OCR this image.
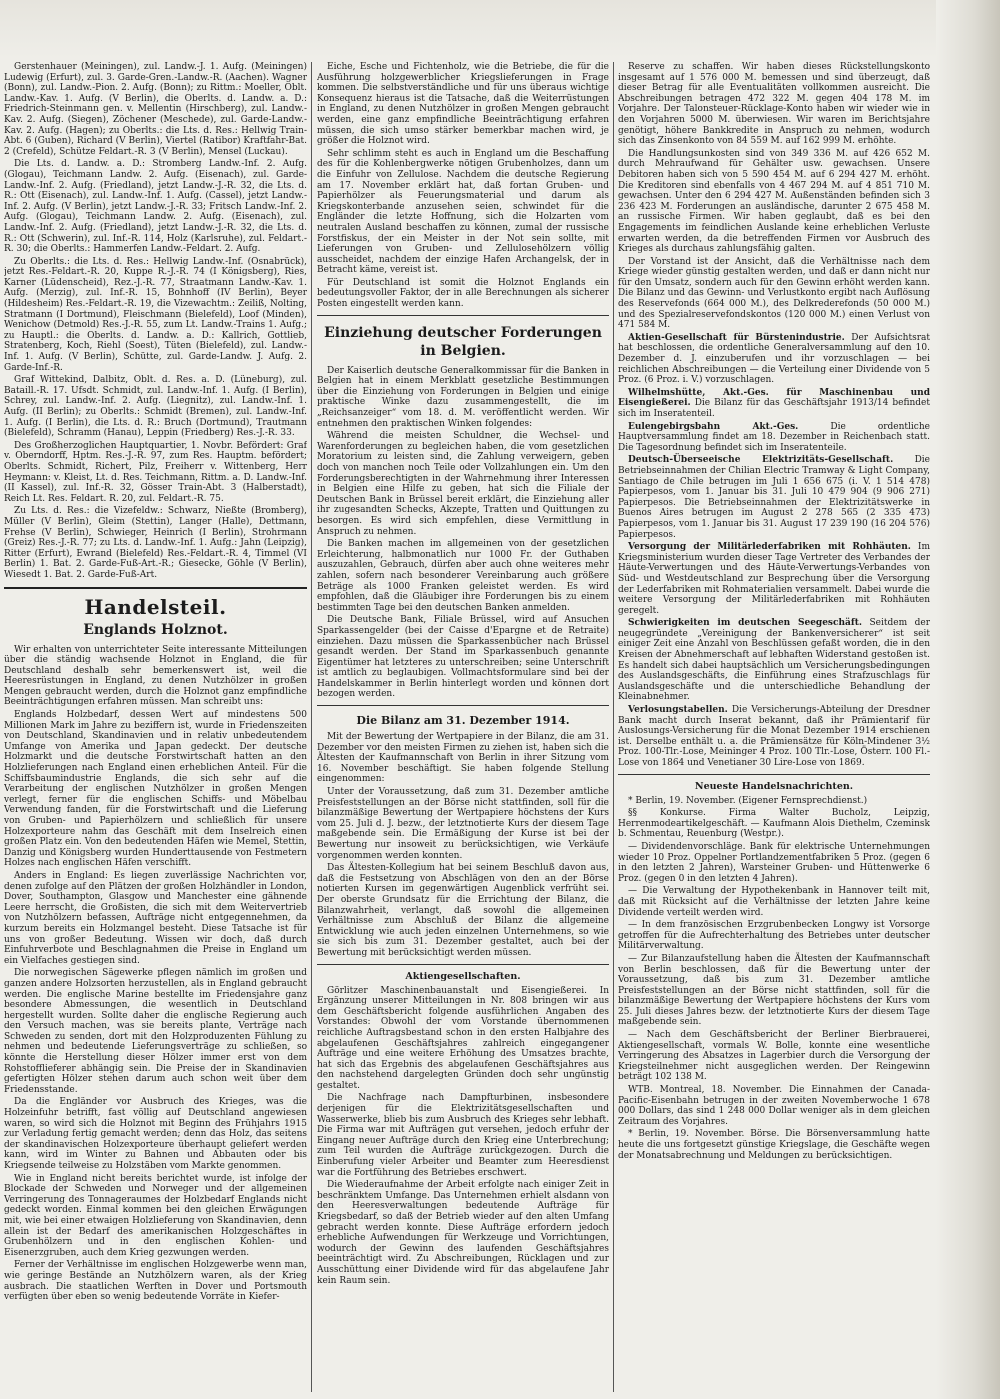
Gerstenhauer (Meiningen), zul. Landw.-J. 1. Aufg. (Meiningen) Ludewig (Erfurt), zul. 3. Garde-Gren.-Landw.-R. (Aachen). Wagner (Bonn), zul. Landw.-Pion. 2. Aufg. (Bonn); zu Rittm.: Moeller, Oblt. Landw.-Kav. 1. Aufg. (V Berlin), die Oberlts. d. Landw. a. D.: Friedrich-Steinmann gen. v. Mellentin (Hirschberg), zul. Landw.-Kav. 2. Aufg. (Siegen), Zöchener (Meschede), zul. Garde-Landw.-Kav. 2. Aufg. (Hagen); zu Oberlts.: die Lts. d. Res.: Hellwig Train-Abt. 6 (Guben), Richard (V Berlin), Viertel (Ratibor) Kraftfahr-Bat. 2 (Crefeld), Schütze Feldart.-R. 3 (V Berlin), Mensel (Luckau).

Die Lts. d. Landw. a. D.: Stromberg Landw.-Inf. 2. Aufg. (Glogau), Teichmann Landw. 2. Aufg. (Eisenach), zul. Garde-Landw.-Inf. 2. Aufg. (Friedland), jetzt Landw.-J.-R. 32, die Lts. d. R.: Ott (Eisenach), zul. Landw.-Inf. 1. Aufg. (Cassel), jetzt Landw.-Inf. 2. Aufg. (V Berlin), jetzt Landw.-J.-R. 33; Fritsch Landw.-Inf. 2. Aufg. (Glogau), Teichmann Landw. 2. Aufg. (Eisenach), zul. Landw.-Inf. 2. Aufg. (Friedland), jetzt Landw.-J.-R. 32, die Lts. d. R.: Ott (Schwerin), zul. Inf.-R. 114, Holz (Karlsruhe), zul. Feldart.-R. 30; die Oberlts.: Hammerfen Landw.-Feldart. 2. Aufg.

Zu Oberlts.: die Lts. d. Res.: Hellwig Landw.-Inf. (Osnabrück), jetzt Res.-Feldart.-R. 20, Kuppe R.-J.-R. 74 (I Königsberg), Ries, Karner (Lüdenscheid), Rez.-J.-R. 77, Straatmann Landw.-Kav. 1. Aufg. (Merzig), zul. Inf.-R. 15, Bohnhoff (IV Berlin), Beyer (Hildesheim) Res.-Feldart.-R. 19, die Vizewachtm.: Zeiliß, Nolting, Stratmann (I Dortmund), Fleischmann (Bielefeld), Loof (Minden), Wenichow (Detmold) Res.-J.-R. 55, zum Lt. Landw.-Trains 1. Aufg.; zu Hauptl.: die Oberlts. d. Landw. a. D.: Kallrich, Gottlieb, Stratenberg, Koch, Riehl (Soest), Tüten (Bielefeld), zul. Landw.-Inf. 1. Aufg. (V Berlin), Schütte, zul. Garde-Landw. J. Aufg. 2. Garde-Inf.-R.

Graf Wittekind, Dalbitz, Oblt. d. Res. a. D. (Lüneburg), zul. Bataill.-R. 17. Ufsdt. Schmidt, zul. Landw.-Inf. 1. Aufg. (I Berlin), Schrey, zul. Landw.-Inf. 2. Aufg. (Liegnitz), zul. Landw.-Inf. 1. Aufg. (II Berlin); zu Oberlts.: Schmidt (Bremen), zul. Landw.-Inf. 1. Aufg. (I Berlin), die Lts. d. R.: Bruch (Dortmund), Trautmann (Bielefeld), Schramm (Hanau), Leppin (Friedberg) Res.-J.-R. 33.

Des Großherzoglichen Hauptquartier, 1. Novbr. Befördert: Graf v. Oberndorff, Hptm. Res.-J.-R. 97, zum Res. Hauptm. befördert; Oberlts. Schmidt, Richert, Pilz, Freiherr v. Wittenberg, Herr Heymann: v. Kleist, Lt. d. Res. Teichmann, Rittm. a. D. Landw.-Inf. (II Kassel), zul. Inf.-R. 32, Gösser Train-Abt. 3 (Halberstadt), Reich Lt. Res. Feldart. R. 20, zul. Feldart.-R. 75.

Zu Lts. d. Res.: die Vizefeldw.: Schwarz, Nießte (Bromberg), Müller (V Berlin), Gleim (Stettin), Langer (Halle), Dettmann, Frehse (V Berlin), Schwieger, Heinrich (I Berlin), Strohrmann (Greiz) Res.-J.-R. 77; zu Lts. d. Landw.-Inf. 1. Aufg.: Jahn (Leipzig), Ritter (Erfurt), Ewrand (Bielefeld) Res.-Feldart.-R. 4, Timmel (VI Berlin) 1. Bat. 2. Garde-Fuß-Art.-R.; Giesecke, Göhle (V Berlin), Wiesedt 1. Bat. 2. Garde-Fuß-Art.

Handelsteil.
Englands Holznot.

Wir erhalten von unterrichteter Seite interessante Mitteilungen über die ständig wachsende Holznot in England, die für Deutschland deshalb sehr bemerkenswert ist, weil die Heeresrüstungen in England, zu denen Nutzhölzer in großen Mengen gebraucht werden, durch die Holznot ganz empfindliche Beeinträchtigungen erfahren müssen. Man schreibt uns:

Englands Holzbedarf, dessen Wert auf mindestens 500 Millionen Mark im Jahre zu beziffern ist, wurde in Friedenszeiten von Deutschland, Skandinavien und in relativ unbedeutendem Umfange von Amerika und Japan gedeckt. Der deutsche Holzmarkt und die deutsche Forstwirtschaft hatten an den Holzlieferungen nach England einen erheblichen Anteil. Für die Schiffsbaumindustrie Englands, die sich sehr auf die Verarbeitung der englischen Nutzhölzer in großen Mengen verlegt, ferner für die englischen Schiffs- und Möbelbau Verwendung fanden, für die Forstwirtschaft und die Lieferung von Gruben- und Papierhölzern und schließlich für unsere Holzexporteure nahm das Geschäft mit dem Inselreich einen großen Platz ein. Von den bedeutenden Häfen wie Memel, Stettin, Danzig und Königsberg wurden Hunderttausende von Festmetern Holzes nach englischen Häfen verschifft.

Anders in England: Es liegen zuverlässige Nachrichten vor, denen zufolge auf den Plätzen der großen Holzhändler in London, Dover, Southampton, Glasgow und Manchester eine gähnende Leere herrscht, die Großisten, die sich mit dem Weitervertrieb von Nutzhölzern befassen, Aufträge nicht entgegennehmen, da kurzum bereits ein Holzmangel besteht. Diese Tatsache ist für uns von großer Bedeutung. Wissen wir doch, daß durch Einfuhrverbote und Beschlagnahmen die Preise in England um ein Vielfaches gestiegen sind.

Die norwegischen Sägewerke pflegen nämlich im großen und ganzen andere Holzsorten herzustellen, als in England gebraucht werden. Die englische Marine bestellte im Friedensjahre ganz besondere Abmessungen, die wesentlich in Deutschland hergestellt wurden. Sollte daher die englische Regierung auch den Versuch machen, was sie bereits plante, Verträge nach Schweden zu senden, dort mit den Holzproduzenten Fühlung zu nehmen und bedeutende Lieferungsverträge zu schließen, so könnte die Herstellung dieser Hölzer immer erst von dem Rohstofflieferer abhängig sein. Die Preise der in Skandinavien gefertigten Hölzer stehen darum auch schon weit über dem Friedensstande.

Da die Engländer vor Ausbruch des Krieges, was die Holzeinfuhr betrifft, fast völlig auf Deutschland angewiesen waren, so wird sich die Holznot mit Beginn des Frühjahrs 1915 zur Verladung fertig gemacht werden; denn das Holz, das seitens der skandinavischen Holzexporteure überhaupt geliefert werden kann, wird im Winter zu Bahnen und Abbauten oder bis Kriegsende teilweise zu Holzstäben vom Markte genommen.

Wie in England nicht bereits berichtet wurde, ist infolge der Blockade der Schweden und Norweger und der allgemeinen Verringerung des Tonnageraumes der Holzbedarf Englands nicht gedeckt worden. Einmal kommen bei den gleichen Erwägungen mit, wie bei einer etwaigen Holzlieferung von Skandinavien, denn allein ist der Bedarf des amerikanischen Holzgeschäftes in Grubenhölzern und in den englischen Kohlen- und Eisenerzgruben, auch dem Krieg gezwungen werden.

Ferner der Verhältnisse im englischen Holzgewerbe wenn man, wie geringe Bestände an Nutzhölzern waren, als der Krieg ausbrach. Die staatlichen Werften in Dover und Portsmouth verfügten über eben so wenig bedeutende Vorräte in Kiefer-

Eiche, Esche und Fichtenholz, wie die Betriebe, die für die Ausführung holzgewerblicher Kriegslieferungen in Frage kommen. Die selbstverständliche und für uns überaus wichtige Konsequenz hieraus ist die Tatsache, daß die Weiterrüstungen in England, zu denen Nutzhölzer in großen Mengen gebraucht werden, eine ganz empfindliche Beeinträchtigung erfahren müssen, die sich umso stärker bemerkbar machen wird, je größer die Holznot wird.

Sehr schlimm steht es auch in England um die Beschaffung des für die Kohlenbergwerke nötigen Grubenholzes, dann um die Einfuhr von Zellulose. Nachdem die deutsche Regierung am 17. November erklärt hat, daß fortan Gruben- und Papierhölzer als Feuerungsmaterial und darum als Kriegskonterbande anzusehen seien, schwindet für die Engländer die letzte Hoffnung, sich die Holzarten vom neutralen Ausland beschaffen zu können, zumal der russische Forstfiskus, der ein Meister in der Not sein sollte, mit Lieferungen von Gruben- und Zellulosehölzern völlig ausscheidet, nachdem der einzige Hafen Archangelsk, der in Betracht käme, vereist ist.

Für Deutschland ist somit die Holznot Englands ein bedeutungsvoller Faktor, der in alle Berechnungen als sicherer Posten eingestellt werden kann.

Einziehung deutscher Forderungen in Belgien.

Der Kaiserlich deutsche Generalkommissar für die Banken in Belgien hat in einem Merkblatt gesetzliche Bestimmungen über die Einziehung von Forderungen in Belgien und einige praktische Winke dazu zusammengestellt, die im „Reichsanzeiger“ vom 18. d. M. veröffentlicht werden. Wir entnehmen den praktischen Winken folgendes:

Während die meisten Schuldner, die Wechsel- und Warenforderungen zu begleichen haben, die vom gesetzlichen Moratorium zu leisten sind, die Zahlung verweigern, geben doch von manchen noch Teile oder Vollzahlungen ein. Um den Forderungsberechtigten in der Wahrnehmung ihrer Interessen in Belgien eine Hilfe zu geben, hat sich die Filiale der Deutschen Bank in Brüssel bereit erklärt, die Einziehung aller ihr zugesandten Schecks, Akzepte, Tratten und Quittungen zu besorgen. Es wird sich empfehlen, diese Vermittlung in Anspruch zu nehmen.

Die Banken machen im allgemeinen von der gesetzlichen Erleichterung, halbmonatlich nur 1000 Fr. der Guthaben auszuzahlen, Gebrauch, dürfen aber auch ohne weiteres mehr zahlen, sofern nach besonderer Vereinbarung auch größere Beträge als 1000 Franken geleistet werden. Es wird empfohlen, daß die Gläubiger ihre Forderungen bis zu einem bestimmten Tage bei den deutschen Banken anmelden.

Die Deutsche Bank, Filiale Brüssel, wird auf Ansuchen Sparkassengelder (bei der Caisse d'Epargne et de Retraite) einziehen. Dazu müssen die Sparkassenbücher nach Brüssel gesandt werden. Der Stand im Sparkassenbuch genannte Eigentümer hat letzteres zu unterschreiben; seine Unterschrift ist amtlich zu beglaubigen. Vollmachtsformulare sind bei der Handelskammer in Berlin hinterlegt worden und können dort bezogen werden.

Die Bilanz am 31. Dezember 1914.

Mit der Bewertung der Wertpapiere in der Bilanz, die am 31. Dezember vor den meisten Firmen zu ziehen ist, haben sich die Ältesten der Kaufmannschaft von Berlin in ihrer Sitzung vom 16. November beschäftigt. Sie haben folgende Stellung eingenommen:

Unter der Voraussetzung, daß zum 31. Dezember amtliche Preisfeststellungen an der Börse nicht stattfinden, soll für die bilanzmäßige Bewertung der Wertpapiere höchstens der Kurs vom 25. Juli d. J. bezw., der letztnotierte Kurs der diesem Tage maßgebende sein. Die Ermäßigung der Kurse ist bei der Bewertung nur insoweit zu berücksichtigen, wie Verkäufe vorgenommen werden konnten.

Das Ältesten-Kollegium hat bei seinem Beschluß davon aus, daß die Festsetzung von Abschlägen von den an der Börse notierten Kursen im gegenwärtigen Augenblick verfrüht sei. Der oberste Grundsatz für die Errichtung der Bilanz, die Bilanzwahrheit, verlangt, daß sowohl die allgemeinen Verhältnisse zum Abschluß der Bilanz die allgemeine Entwicklung wie auch jeden einzelnen Unternehmens, so wie sie sich bis zum 31. Dezember gestaltet, auch bei der Bewertung mit berücksichtigt werden müssen.

Aktiengesellschaften.

Görlitzer Maschinenbauanstalt und Eisengießerei. In Ergänzung unserer Mitteilungen in Nr. 808 bringen wir aus dem Geschäftsbericht folgende ausführlichen Angaben des Vorstandes: Obwohl der vom Vorstande übernommenen reichliche Auftragsbestand schon in den ersten Halbjahre des abgelaufenen Geschäftsjahres zahlreich eingegangener Aufträge und eine weitere Erhöhung des Umsatzes brachte, hat sich das Ergebnis des abgelaufenen Geschäftsjahres aus den nachstehend dargelegten Gründen doch sehr ungünstig gestaltet.

Die Nachfrage nach Dampfturbinen, insbesondere derjenigen für die Elektrizitätsgesellschaften und Wasserwerke, blieb bis zum Ausbruch des Krieges sehr lebhaft. Die Firma war mit Aufträgen gut versehen, jedoch erfuhr der Eingang neuer Aufträge durch den Krieg eine Unterbrechung; zum Teil wurden die Aufträge zurückgezogen. Durch die Einberufung vieler Arbeiter und Beamter zum Heeresdienst war die Fortführung des Betriebes erschwert.

Die Wiederaufnahme der Arbeit erfolgte nach einiger Zeit in beschränktem Umfange. Das Unternehmen erhielt alsdann von den Heeresverwaltungen bedeutende Aufträge für Kriegsbedarf, so daß der Betrieb wieder auf den alten Umfang gebracht werden konnte. Diese Aufträge erfordern jedoch erhebliche Aufwendungen für Werkzeuge und Vorrichtungen, wodurch der Gewinn des laufenden Geschäftsjahres beeinträchtigt wird. Zu Abschreibungen, Rücklagen und zur Ausschüttung einer Dividende wird für das abgelaufene Jahr kein Raum sein.

Reserve zu schaffen. Wir haben dieses Rückstellungskonto insgesamt auf 1 576 000 M. bemessen und sind überzeugt, daß dieser Betrag für alle Eventualitäten vollkommen ausreicht. Die Abschreibungen betragen 472 322 M. gegen 404 178 M. im Vorjahre. Der Talonsteuer-Rücklage-Konto haben wir wieder wie in den Vorjahren 5000 M. überwiesen. Wir waren im Berichtsjahre genötigt, höhere Bankkredite in Anspruch zu nehmen, wodurch sich das Zinsenkonto von 84 559 M. auf 162 999 M. erhöhte.

Die Handlungsunkosten sind von 349 336 M. auf 426 652 M. durch Mehraufwand für Gehälter usw. gewachsen. Unsere Debitoren haben sich von 5 590 454 M. auf 6 294 427 M. erhöht. Die Kreditoren sind ebenfalls von 4 467 294 M. auf 4 851 710 M. gewachsen. Unter den 6 294 427 M. Außenständen befinden sich 3 236 423 M. Forderungen an ausländische, darunter 2 675 458 M. an russische Firmen. Wir haben geglaubt, daß es bei den Engagements im feindlichen Auslande keine erheblichen Verluste erwarten werden, da die betreffenden Firmen vor Ausbruch des Krieges als durchaus zahlungsfähig galten.

Der Vorstand ist der Ansicht, daß die Verhältnisse nach dem Kriege wieder günstig gestalten werden, und daß er dann nicht nur für den Umsatz, sondern auch für den Gewinn erhöht werden kann. Die Bilanz und das Gewinn- und Verlustkonto ergibt nach Auflösung des Reservefonds (664 000 M.), des Delkrederefonds (50 000 M.) und des Spezialreservefondskontos (120 000 M.) einen Verlust von 471 584 M.

Aktien-Gesellschaft für Bürstenindustrie. Der Aufsichtsrat hat beschlossen, die ordentliche Generalversammlung auf den 10. Dezember d. J. einzuberufen und ihr vorzuschlagen — bei reichlichen Abschreibungen — die Verteilung einer Dividende von 5 Proz. (6 Proz. i. V.) vorzuschlagen.

Wilhelmshütte, Akt.-Ges. für Maschinenbau und Eisengießerei. Die Bilanz für das Geschäftsjahr 1913/14 befindet sich im Inseratenteil.

Eulengebirgsbahn Akt.-Ges.	Die ordentliche Hauptversammlung findet am 18. Dezember in Reichenbach statt. Die Tagesordnung befindet sich im Inseratenteile.

Deutsch-Überseeische Elektrizitäts-Gesellschaft. Die Betriebseinnahmen der Chilian Electric Tramway & Light Company, Santiago de Chile betrugen im Juli 1 656 675 (i. V. 1 514 478) Papierpesos, vom 1. Januar bis 31. Juli 10 479 904 (9 906 271) Papierpesos. Die Betriebseinnahmen der Elektrizitätswerke in Buenos Aires betrugen im August 2 278 565 (2 335 473) Papierpesos, vom 1. Januar bis 31. August 17 239 190 (16 204 576) Papierpesos.

Versorgung der Militärlederfabriken mit Rohhäuten. Im Kriegsministerium wurden dieser Tage Vertreter des Verbandes der Häute-Verwertungen und des Häute-Verwertungs-Verbandes von Süd- und Westdeutschland zur Besprechung über die Versorgung der Lederfabriken mit Rohmaterialien versammelt. Dabei wurde die weitere Versorgung der Militärlederfabriken mit Rohhäuten geregelt.

Schwierigkeiten im deutschen Seegeschäft. Seitdem der neugegründete „Vereinigung der Bankenversicherer“ ist seit einiger Zeit eine Anzahl von Beschlüssen gefaßt worden, die in den Kreisen der Abnehmerschaft auf lebhaften Widerstand gestoßen ist. Es handelt sich dabei hauptsächlich um Versicherungsbedingungen des Auslandsgeschäfts, die Einführung eines Strafzuschlags für Auslandsgeschäfte und die unterschiedliche Behandlung der Kleinabnehmer.

Verlosungstabellen. Die Versicherungs-Abteilung der Dresdner Bank macht durch Inserat bekannt, daß ihr Prämientarif für Auslosungs-Versicherung für die Monat Dezember 1914 erschienen ist. Derselbe enthält u. a. die Prämiensätze für Köln-Mindener 3½ Proz. 100-Tlr.-Lose, Meininger 4 Proz. 100 Tlr.-Lose, Österr. 100 Fl.-Lose von 1864 und Venetianer 30 Lire-Lose von 1869.

Neueste Handelsnachrichten.

* Berlin, 19. November. (Eigener Fernsprechdienst.)

§§ Konkurse. Firma Walter Bucholz, Leipzig, Herrenmodeartikelgeschäft. — Kaufmann Alois Diethelm, Czeminsk b. Schmentau, Reuenburg (Westpr.).

— Dividendenvorschläge. Bank für elektrische Unternehmungen wieder 10 Proz. Oppelner Portlandzementfabriken 5 Proz. (gegen 6 in den letzten 2 Jahren), Warsteiner Gruben- und Hüttenwerke 6 Proz. (gegen 0 in den letzten 4 Jahren).

— Die Verwaltung der Hypothekenbank in Hannover teilt mit, daß mit Rücksicht auf die Verhältnisse der letzten Jahre keine Dividende verteilt werden wird.

— In dem französischen Erzgrubenbecken Longwy ist Vorsorge getroffen für die Aufrechterhaltung des Betriebes unter deutscher Militärverwaltung.

— Zur Bilanzaufstellung haben die Ältesten der Kaufmannschaft von Berlin beschlossen, daß für die Bewertung unter der Voraussetzung, daß bis zum 31. Dezember amtliche Preisfeststellungen an der Börse nicht stattfinden, soll für die bilanzmäßige Bewertung der Wertpapiere höchstens der Kurs vom 25. Juli dieses Jahres bezw. der letztnotierte Kurs der diesem Tage maßgebende sein.

— Nach dem Geschäftsbericht der Berliner Bierbrauerei, Aktiengesellschaft, vormals W. Bolle, konnte eine wesentliche Verringerung des Absatzes in Lagerbier durch die Versorgung der Kriegsteilnehmer nicht ausgeglichen werden. Der Reingewinn beträgt 102 138 M.

WTB. Montreal, 18. November. Die Einnahmen der Canada-Pacific-Eisenbahn betrugen in der zweiten Novemberwoche 1 678 000 Dollars, das sind 1 248 000 Dollar weniger als in dem gleichen Zeitraum des Vorjahres.

* Berlin, 19. November. Börse. Die Börsenversammlung hatte heute die uns fortgesetzt günstige Kriegslage, die Geschäfte wegen der Monatsabrechnung und Meldungen zu berücksichtigen.
